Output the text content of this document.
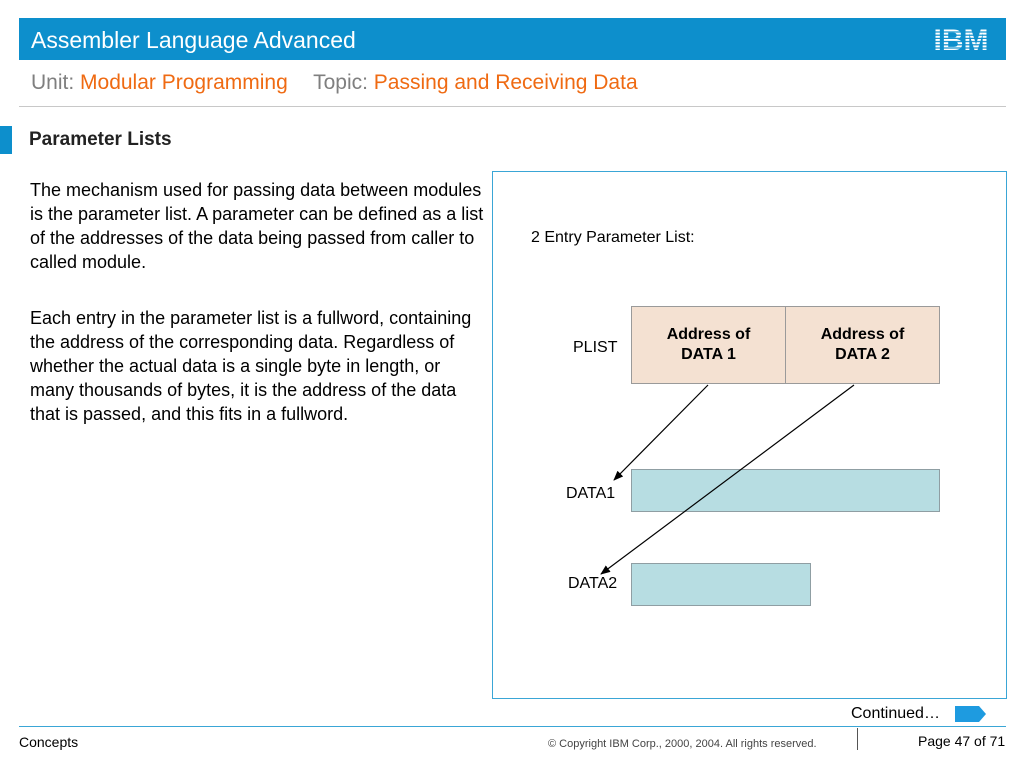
Assembler Language Advanced	IBM
Unit: Modular Programming Topic: Passing and Receiving Data
Parameter Lists
The mechanism used for passing data between modules is the parameter list. A parameter can be defined as a list of the addresses of the data being passed from caller to called module.
Each entry in the parameter list is a fullword, containing the address of the corresponding data. Regardless of whether the actual data is a single byte in length, or many thousands of bytes, it is the address of the data that is passed, and this fits in a fullword.
2 Entry Parameter List:
PLIST
Address of
DATA 1
Address of
DATA 2
DATA1
DATA2
Continued…
Concepts	© Copyright IBM Corp., 2000, 2004. All rights reserved.	Page 47 of 71
